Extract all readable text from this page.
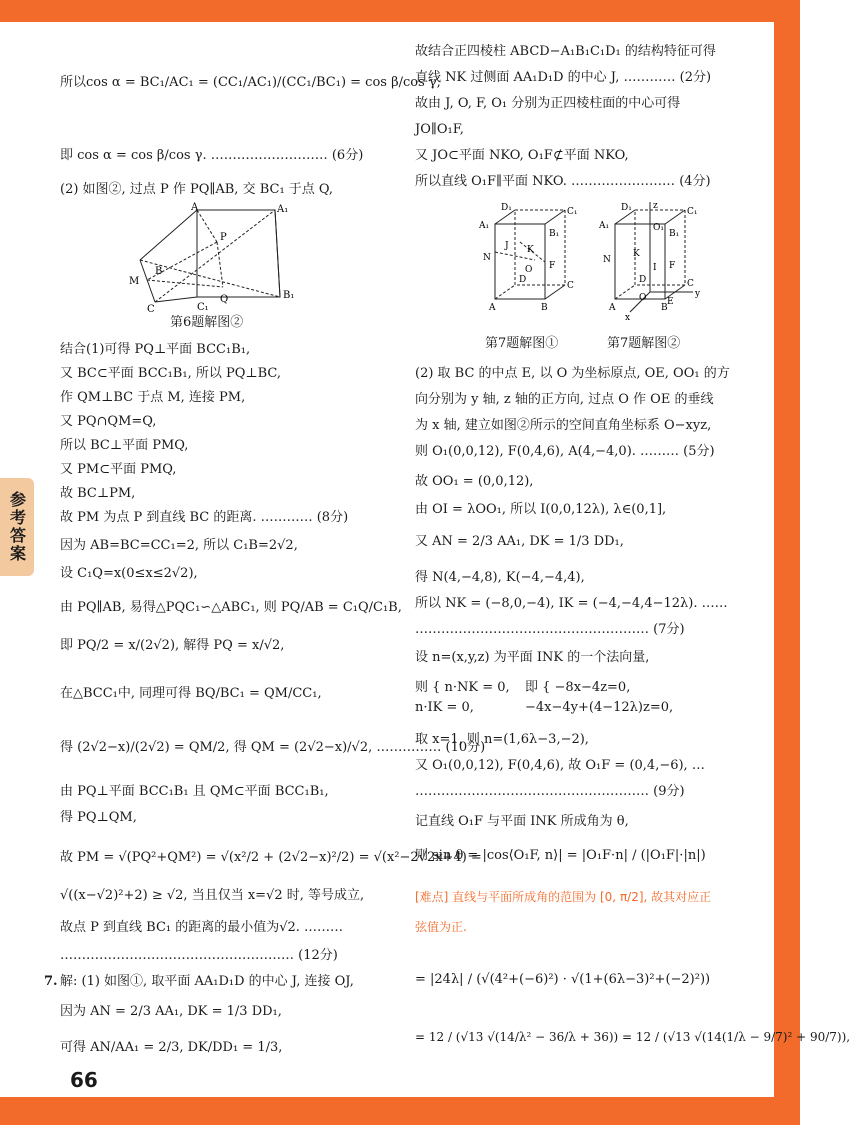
参考答案
所以cos α = BC₁/AC₁ = (CC₁/AC₁)/(CC₁/BC₁) = cos β/cos γ,
即 cos α = cos β/cos γ. ……………………… (6分)
(2) 如图②, 过点 P 作 PQ∥AB, 交 BC₁ 于点 Q,
A	A₁
P
M
B
Q
C	C₁
B₁
第6题解图②
结合(1)可得 PQ⊥平面 BCC₁B₁,
又 BC⊂平面 BCC₁B₁, 所以 PQ⊥BC,
作 QM⊥BC 于点 M, 连接 PM,
又 PQ∩QM=Q,
所以 BC⊥平面 PMQ,
又 PM⊂平面 PMQ,
故 BC⊥PM,
故 PM 为点 P 到直线 BC 的距离. ………… (8分)
因为 AB=BC=CC₁=2, 所以 C₁B=2√2,
设 C₁Q=x(0≤x≤2√2),
由 PQ∥AB, 易得△PQC₁∽△ABC₁, 则 PQ/AB = C₁Q/C₁B,
即 PQ/2 = x/(2√2), 解得 PQ = x/√2,
在△BCC₁中, 同理可得 BQ/BC₁ = QM/CC₁,
得 (2√2−x)/(2√2) = QM/2, 得 QM = (2√2−x)/√2, …………… (10分)
由 PQ⊥平面 BCC₁B₁ 且 QM⊂平面 BCC₁B₁,
得 PQ⊥QM,
故 PM = √(PQ²+QM²) = √(x²/2 + (2√2−x)²/2) = √(x²−2√2x+4) =
√((x−√2)²+2) ≥ √2, 当且仅当 x=√2 时, 等号成立,
故点 P 到直线 BC₁ 的距离的最小值为√2. ………
……………………………………………… (12分)
7. 解: (1) 如图①, 取平面 AA₁D₁D 的中心 J, 连接 OJ,
因为 AN = 2/3 AA₁, DK = 1/3 DD₁,
可得 AN/AA₁ = 2/3, DK/DD₁ = 1/3,
故结合正四棱柱 ABCD−A₁B₁C₁D₁ 的结构特征可得
直线 NK 过侧面 AA₁D₁D 的中心 J, ………… (2分)
故由 J, O, F, O₁ 分别为正四棱柱面的中心可得
JO∥O₁F,
又 JO⊂平面 NKO, O₁F⊄平面 NKO,
所以直线 O₁F∥平面 NKO. …………………… (4分)
D₁	C₁
A₁
B₁
J K
N
D
C
O F
A	B
D₁ z
C₁
A₁	O₁
B₁
N
K
F
D
I
C
O E
y
A
x
B
第7题解图①	第7题解图②
(2) 取 BC 的中点 E, 以 O 为坐标原点, OE, OO₁ 的方
向分别为 y 轴, z 轴的正方向, 过点 O 作 OE 的垂线
为 x 轴, 建立如图②所示的空间直角坐标系 O−xyz,
则 O₁(0,0,12), F(0,4,6), A(4,−4,0). ……… (5分)
故 OO₁ = (0,0,12),
由 OI = λOO₁, 所以 I(0,0,12λ), λ∈(0,1],
又 AN = 2/3 AA₁, DK = 1/3 DD₁,
得 N(4,−4,8), K(−4,−4,4),
所以 NK = (−8,0,−4), IK = (−4,−4,4−12λ). ……
……………………………………………… (7分)
设 n=(x,y,z) 为平面 INK 的一个法向量,
则 { n·NK = 0,
n·IK = 0,
即 { −8x−4z=0,
−4x−4y+(4−12λ)z=0,
取 x=1, 则 n=(1,6λ−3,−2),
又 O₁(0,0,12), F(0,4,6), 故 O₁F = (0,4,−6), …
……………………………………………… (9分)
记直线 O₁F 与平面 INK 所成角为 θ,
则 sin θ = |cos⟨O₁F, n⟩| = |O₁F·n| / (|O₁F|·|n|)
[难点] 直线与平面所成角的范围为 [0, π/2], 故其对应正
弦值为正.
= |24λ| / (√(4²+(−6)²) · √(1+(6λ−3)²+(−2)²))
= 12 / (√13 √(14/λ² − 36/λ + 36)) = 12 / (√13 √(14(1/λ − 9/7)² + 90/7)),
66
